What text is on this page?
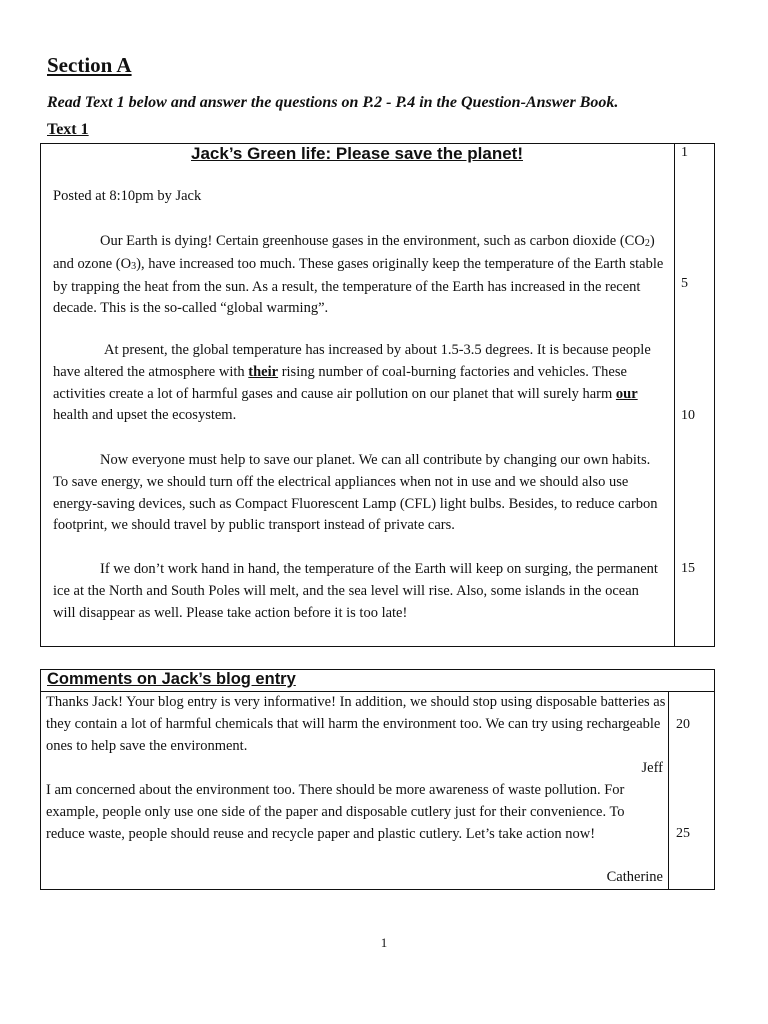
Section A
Read Text 1 below and answer the questions on P.2 - P.4 in the Question-Answer Book.
Text 1
Jack’s Green life: Please save the planet!
Posted at 8:10pm by Jack

Our Earth is dying! Certain greenhouse gases in the environment, such as carbon dioxide (CO2) and ozone (O3), have increased too much. These gases originally keep the temperature of the Earth stable by trapping the heat from the sun. As a result, the temperature of the Earth has increased in the recent decade. This is the so-called “global warming”.

At present, the global temperature has increased by about 1.5-3.5 degrees. It is because people have altered the atmosphere with their rising number of coal-burning factories and vehicles. These activities create a lot of harmful gases and cause air pollution on our planet that will surely harm our health and upset the ecosystem.

Now everyone must help to save our planet. We can all contribute by changing our own habits. To save energy, we should turn off the electrical appliances when not in use and we should also use energy-saving devices, such as Compact Fluorescent Lamp (CFL) light bulbs. Besides, to reduce carbon footprint, we should travel by public transport instead of private cars.

If we don’t work hand in hand, the temperature of the Earth will keep on surging, the permanent ice at the North and South Poles will melt, and the sea level will rise. Also, some islands in the ocean will disappear as well. Please take action before it is too late!

1
5
10
15
Comments on Jack’s blog entry

Thanks Jack! Your blog entry is very informative! In addition, we should stop using disposable batteries as they contain a lot of harmful chemicals that will harm the environment too. We can try using rechargeable ones to help save the environment.

Jeff

I am concerned about the environment too. There should be more awareness of waste pollution. For example, people only use one side of the paper and disposable cutlery just for their convenience. To reduce waste, people should reuse and recycle paper and plastic cutlery. Let’s take action now!

Catherine
20
25
1
